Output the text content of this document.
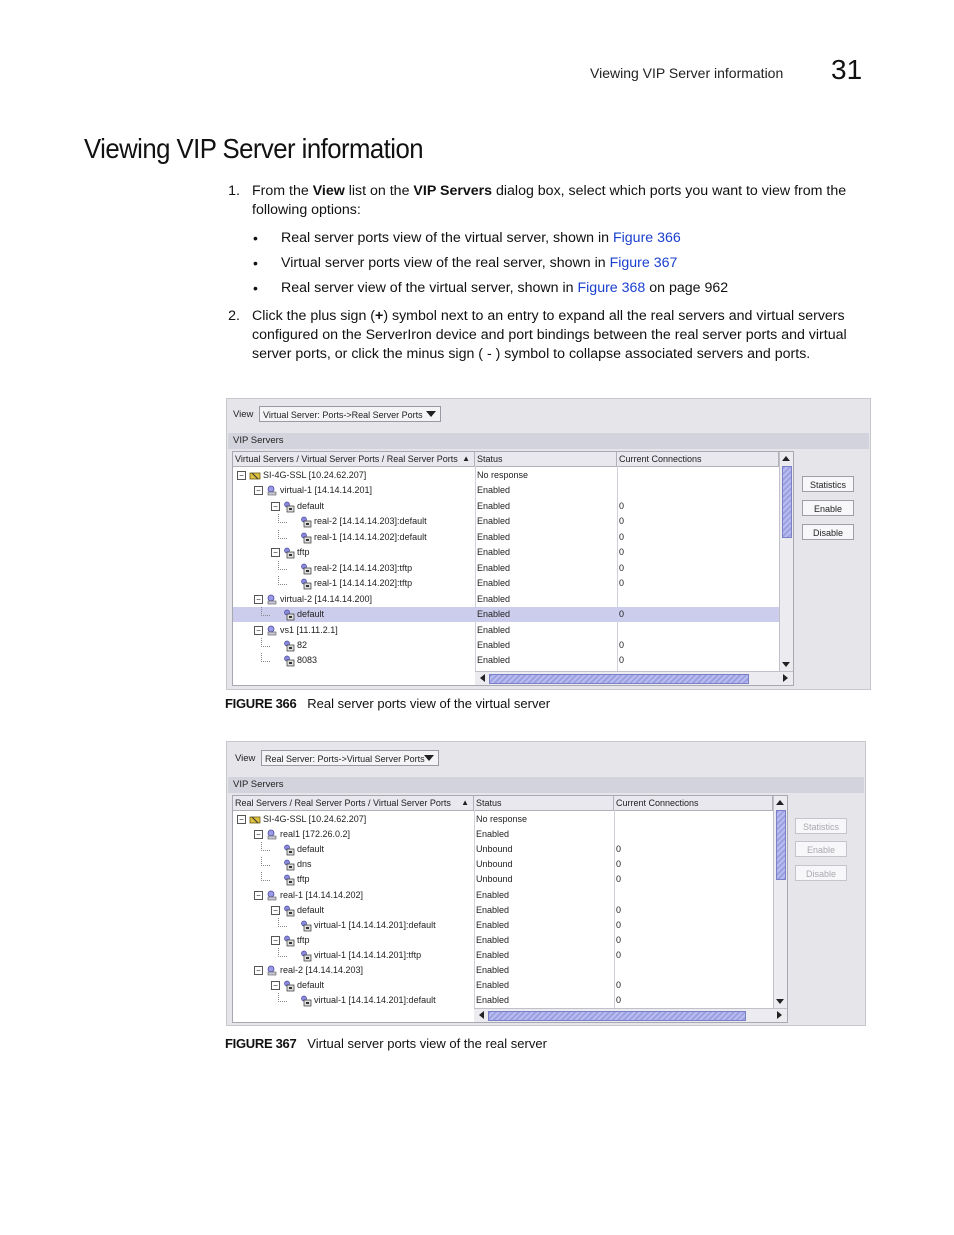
Viewing VIP Server information 31
Viewing VIP Server information
1. From the View list on the VIP Servers dialog box, select which ports you want to view from the following options:
• Real server ports view of the virtual server, shown in Figure 366
• Virtual server ports view of the real server, shown in Figure 367
• Real server view of the virtual server, shown in Figure 368 on page 962
2. Click the plus sign (+) symbol next to an entry to expand all the real servers and virtual servers configured on the ServerIron device and port bindings between the real server ports and virtual server ports, or click the minus sign ( - ) symbol to collapse associated servers and ports.
View	Virtual Server: Ports->Real Server Ports
VIP Servers
Virtual Servers / Virtual Server Ports / Real Server Ports ▲ Status	Current Connections
− SI-4G-SSL [10.24.62.207]	No response
− virtual-1 [14.14.14.201]	Enabled
− default	Enabled	0
real-2 [14.14.14.203]:default	Enabled	0
real-1 [14.14.14.202]:default	Enabled	0
− tftp	Enabled	0
real-2 [14.14.14.203]:tftp	Enabled	0
real-1 [14.14.14.202]:tftp	Enabled	0
− virtual-2 [14.14.14.200]	Enabled
default	Enabled	0
− vs1 [11.11.2.1]	Enabled
82	Enabled	0
8083	Enabled	0
Statistics
Enable
Disable
FIGURE 366 Real server ports view of the virtual server
View	Real Server: Ports->Virtual Server Ports
VIP Servers
Real Servers / Real Server Ports / Virtual Server Ports ▲ Status	Current Connections
− SI-4G-SSL [10.24.62.207]	No response
− real1 [172.26.0.2]	Enabled
default	Unbound	0
dns	Unbound	0
tftp	Unbound	0
− real-1 [14.14.14.202]	Enabled
− default	Enabled	0
virtual-1 [14.14.14.201]:default	Enabled	0
− tftp	Enabled	0
virtual-1 [14.14.14.201]:tftp	Enabled	0
− real-2 [14.14.14.203]	Enabled
− default	Enabled	0
virtual-1 [14.14.14.201]:default	Enabled	0
Statistics
Enable
Disable
FIGURE 367 Virtual server ports view of the real server
